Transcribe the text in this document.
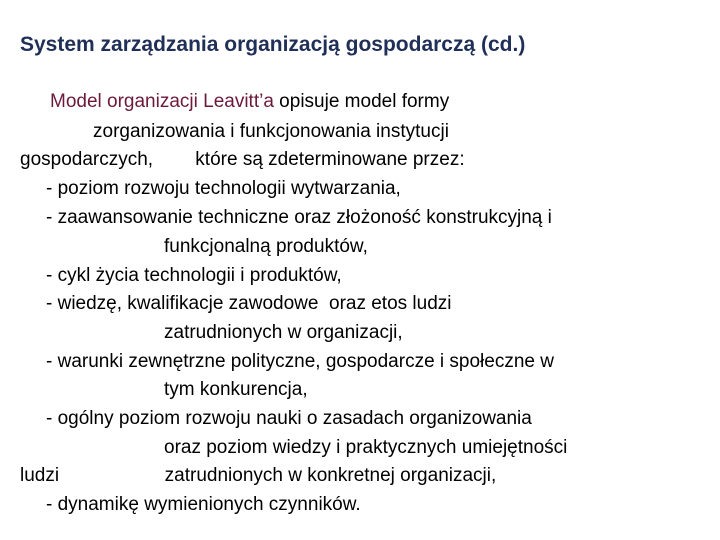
System zarządzania organizacją gospodarczą (cd.)
Model organizacji Leavitt’a opisuje model formy
zorganizowania i funkcjonowania instytucji
gospodarczych,        które są zdeterminowane przez:
- poziom rozwoju technologii wytwarzania,
- zaawansowanie techniczne oraz złożoność konstrukcyjną i
funkcjonalną produktów,
- cykl życia technologii i produktów,
- wiedzę, kwalifikacje zawodowe  oraz etos ludzi
zatrudnionych w organizacji,
- warunki zewnętrzne polityczne, gospodarcze i społeczne w
tym konkurencja,
- ogólny poziom rozwoju nauki o zasadach organizowania
oraz poziom wiedzy i praktycznych umiejętności
ludzi                    zatrudnionych w konkretnej organizacji,
- dynamikę wymienionych czynników.
